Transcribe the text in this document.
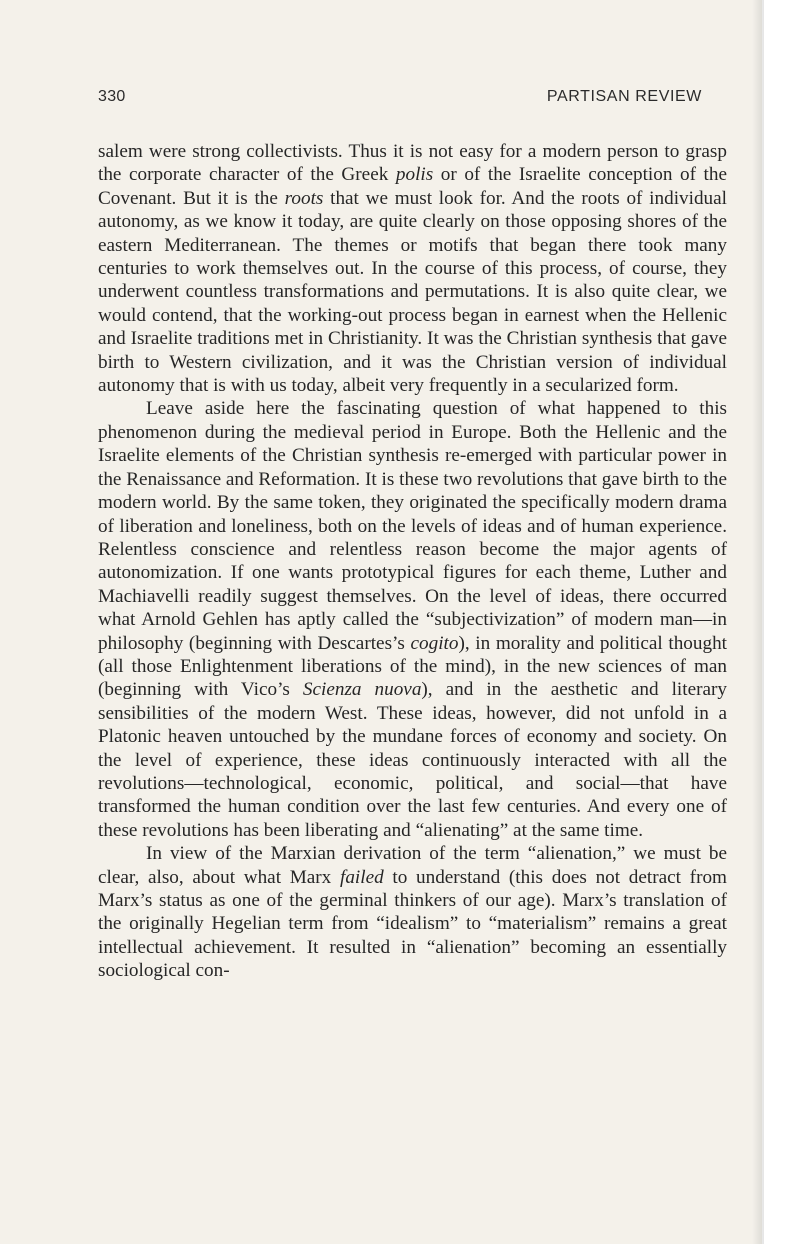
330	PARTISAN REVIEW

salem were strong collectivists. Thus it is not easy for a modern person to grasp the corporate character of the Greek polis or of the Israelite conception of the Covenant. But it is the roots that we must look for. And the roots of individual autonomy, as we know it today, are quite clearly on those opposing shores of the eastern Mediterranean. The themes or motifs that began there took many centuries to work themselves out. In the course of this process, of course, they underwent countless transformations and permutations. It is also quite clear, we would contend, that the working-out process began in earnest when the Hellenic and Israelite traditions met in Christianity. It was the Christian synthesis that gave birth to Western civilization, and it was the Christian version of individual autonomy that is with us today, albeit very frequently in a secularized form.

Leave aside here the fascinating question of what happened to this phenomenon during the medieval period in Europe. Both the Hellenic and the Israelite elements of the Christian synthesis re-emerged with particular power in the Renaissance and Reformation. It is these two revolutions that gave birth to the modern world. By the same token, they originated the specifically modern drama of liberation and loneliness, both on the levels of ideas and of human experience. Relentless conscience and relentless reason become the major agents of autonomization. If one wants prototypical figures for each theme, Luther and Machiavelli readily suggest themselves. On the level of ideas, there occurred what Arnold Gehlen has aptly called the “subjectivization” of modern man—in philosophy (beginning with Descartes’s cogito), in morality and political thought (all those Enlightenment liberations of the mind), in the new sciences of man (beginning with Vico’s Scienza nuova), and in the aesthetic and literary sensibilities of the modern West. These ideas, however, did not unfold in a Platonic heaven untouched by the mundane forces of economy and society. On the level of experience, these ideas continuously interacted with all the revolutions—technological, economic, political, and social—that have transformed the human condition over the last few centuries. And every one of these revolutions has been liberating and “alienating” at the same time.

In view of the Marxian derivation of the term “alienation,” we must be clear, also, about what Marx failed to understand (this does not detract from Marx’s status as one of the germinal thinkers of our age). Marx’s translation of the originally Hegelian term from “idealism” to “materialism” remains a great intellectual achievement. It resulted in “alienation” becoming an essentially sociological con-
